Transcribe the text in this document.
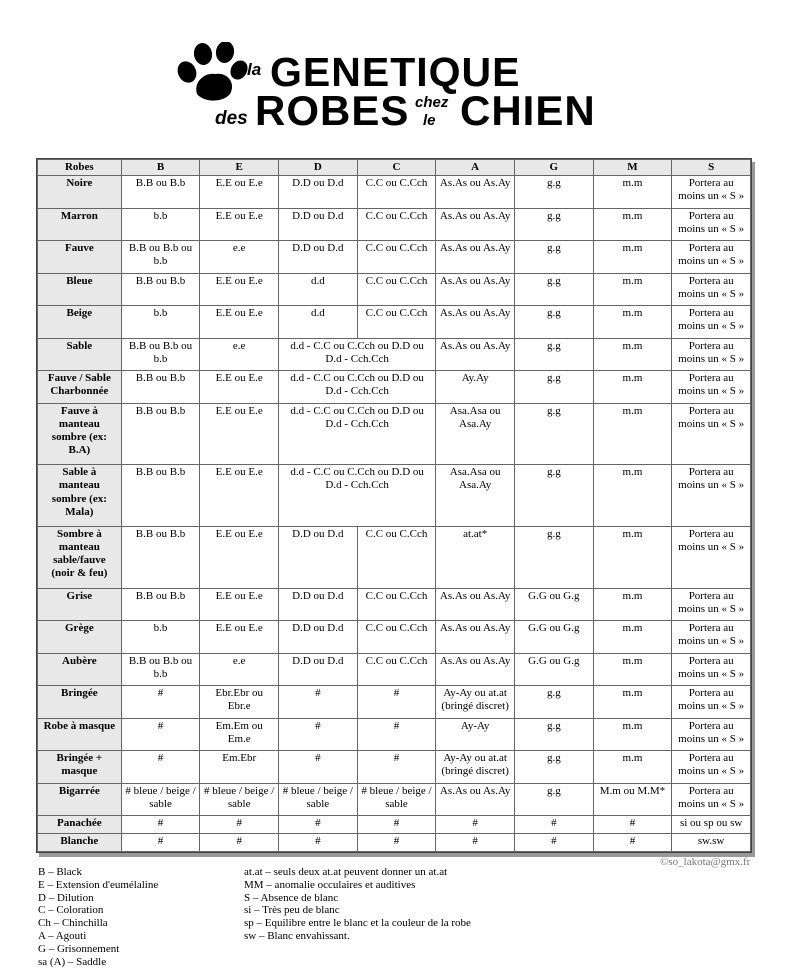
la GENETIQUE
des ROBES chez
le CHIEN
Robes	B	E	D	C	A	G	M	S
Noire	B.B ou B.b	E.E ou E.e	D.D ou D.d	C.C ou C.Cch	As.As ou As.Ay	g.g	m.m	Portera au moins un « S »
Marron	b.b	E.E ou E.e	D.D ou D.d	C.C ou C.Cch	As.As ou As.Ay	g.g	m.m	Portera au moins un « S »
Fauve	B.B ou B.b ou b.b	e.e	D.D ou D.d	C.C ou C.Cch	As.As ou As.Ay	g.g	m.m	Portera au moins un « S »
Bleue	B.B ou B.b	E.E ou E.e	d.d	C.C ou C.Cch	As.As ou As.Ay	g.g	m.m	Portera au moins un « S »
Beige	b.b	E.E ou E.e	d.d	C.C ou C.Cch	As.As ou As.Ay	g.g	m.m	Portera au moins un « S »
Sable	B.B ou B.b ou b.b	e.e	d.d - C.C ou C.Cch ou D.D ou D.d - Cch.Cch		As.As ou As.Ay	g.g	m.m	Portera au moins un « S »
Fauve / Sable Charbonnée	B.B ou B.b	E.E ou E.e	d.d - C.C ou C.Cch ou D.D ou D.d - Cch.Cch		Ay.Ay	g.g	m.m	Portera au moins un « S »
Fauve à manteau sombre (ex: B.A)	B.B ou B.b	E.E ou E.e	d.d - C.C ou C.Cch ou D.D ou D.d - Cch.Cch		Asa.Asa ou Asa.Ay	g.g	m.m	Portera au moins un « S »
Sable à manteau sombre (ex: Mala)	B.B ou B.b	E.E ou E.e	d.d - C.C ou C.Cch ou D.D ou D.d - Cch.Cch		Asa.Asa ou Asa.Ay	g.g	m.m	Portera au moins un « S »
Sombre à manteau sable/fauve (noir & feu)	B.B ou B.b	E.E ou E.e	D.D ou D.d	C.C ou C.Cch	at.at*	g.g	m.m	Portera au moins un « S »
Grise	B.B ou B.b	E.E ou E.e	D.D ou D.d	C.C ou C.Cch	As.As ou As.Ay	G.G ou G.g	m.m	Portera au moins un « S »
Grège	b.b	E.E ou E.e	D.D ou D.d	C.C ou C.Cch	As.As ou As.Ay	G.G ou G.g	m.m	Portera au moins un « S »
Aubère	B.B ou B.b ou b.b	e.e	D.D ou D.d	C.C ou C.Cch	As.As ou As.Ay	G.G ou G.g	m.m	Portera au moins un « S »
Bringée	#	Ebr.Ebr ou Ebr.e	#	#	Ay-Ay ou at.at (bringé discret)	g.g	m.m	Portera au moins un « S »
Robe à masque	#	Em.Em ou Em.e	#	#	Ay-Ay	g.g	m.m	Portera au moins un « S »
Bringée + masque	#	Em.Ebr	#	#	Ay-Ay ou at.at (bringé discret)	g.g	m.m	Portera au moins un « S »
Bigarrée	# bleue / beige / sable	# bleue / beige / sable	# bleue / beige / sable	# bleue / beige / sable	As.As ou As.Ay	g.g	M.m ou M.M*	Portera au moins un « S »
Panachée	#	#	#	#	#	#	#	si ou sp ou sw
Blanche	#	#	#	#	#	#	#	sw.sw
B – Black
E – Extension d'eumélaline
D – Dilution
C – Coloration
Ch – Chinchilla
A – Agouti
G – Grisonnement
sa (A) – Saddle
at.at – seuls deux at.at peuvent donner un at.at
MM – anomalie occulaires et auditives
S – Absence de blanc
si – Très peu de blanc
sp – Equilibre entre le blanc et la couleur de la robe
sw – Blanc envahissant.
©so_lakota@gmx.fr
